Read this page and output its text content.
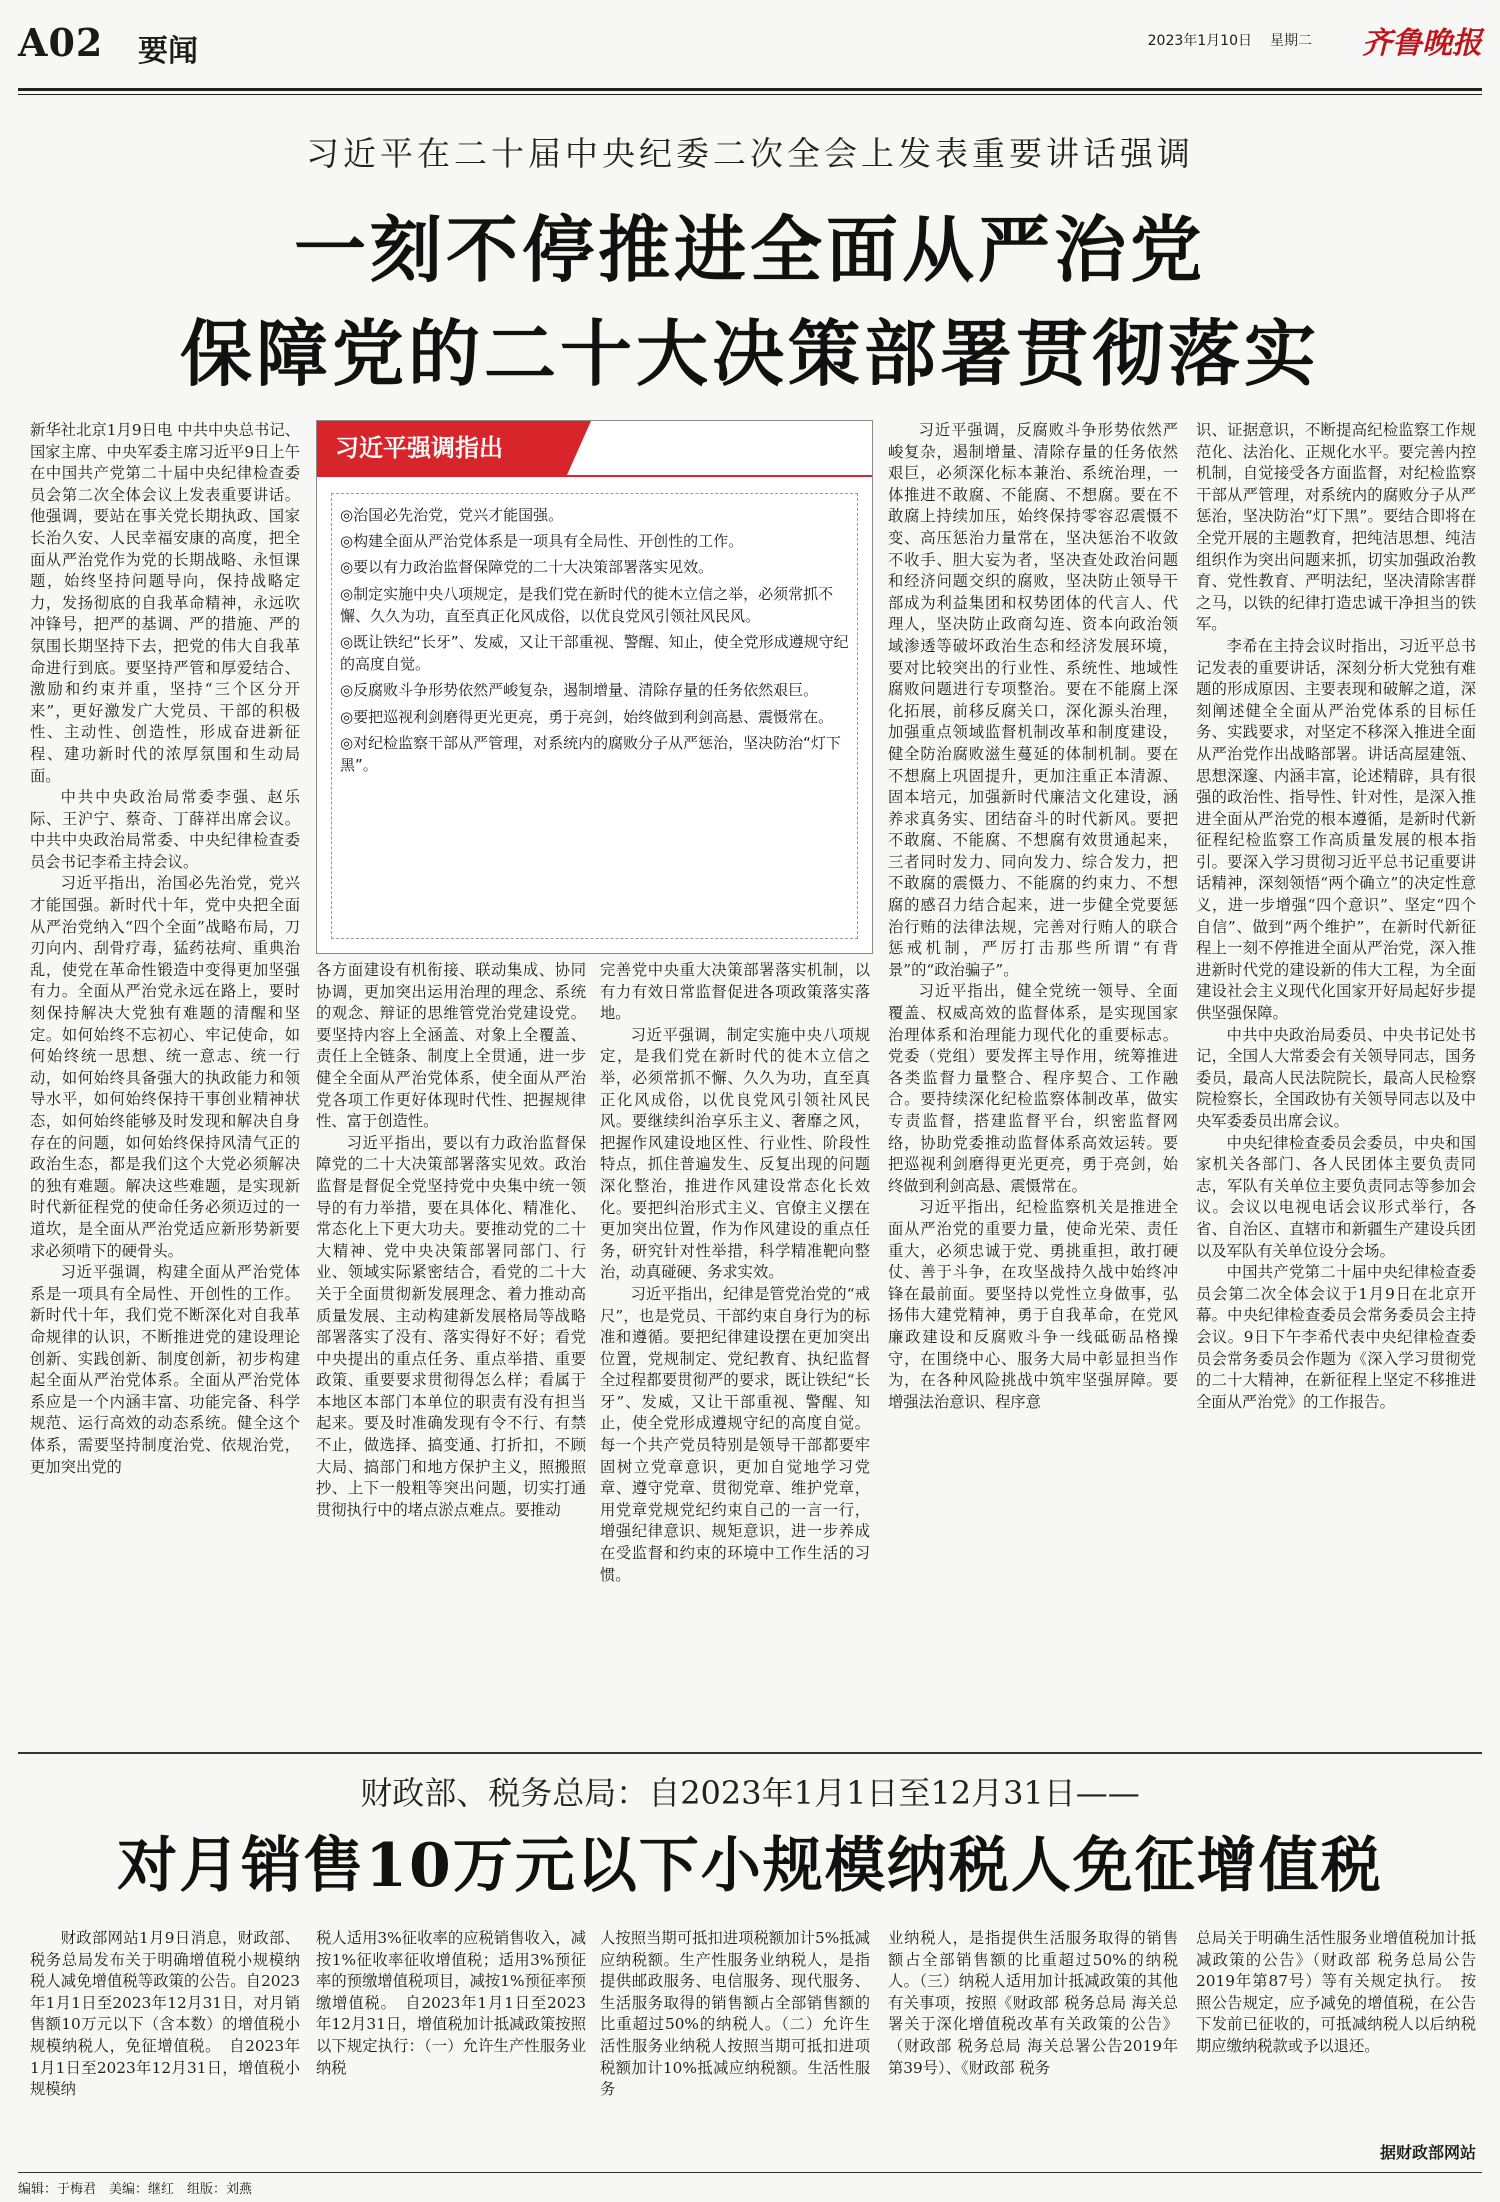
A02 要闻	2023年1月10日 星期二 齐鲁晚报
习近平在二十届中央纪委二次全会上发表重要讲话强调
一刻不停推进全面从严治党
保障党的二十大决策部署贯彻落实

新华社北京1月9日电 中共中央总书记、国家主席、中央军委主席习近平9日上午在中国共产党第二十届中央纪律检查委员会第二次全体会议上发表重要讲话。他强调，要站在事关党长期执政、国家长治久安、人民幸福安康的高度，把全面从严治党作为党的长期战略、永恒课题，始终坚持问题导向，保持战略定力，发扬彻底的自我革命精神，永远吹冲锋号，把严的基调、严的措施、严的氛围长期坚持下去，把党的伟大自我革命进行到底。要坚持严管和厚爱结合、激励和约束并重，坚持“三个区分开来”，更好激发广大党员、干部的积极性、主动性、创造性，形成奋进新征程、建功新时代的浓厚氛围和生动局面。

中共中央政治局常委李强、赵乐际、王沪宁、蔡奇、丁薛祥出席会议。中共中央政治局常委、中央纪律检查委员会书记李希主持会议。

习近平指出，治国必先治党，党兴才能国强。新时代十年，党中央把全面从严治党纳入“四个全面”战略布局，刀刃向内、刮骨疗毒，猛药祛疴、重典治乱，使党在革命性锻造中变得更加坚强有力。全面从严治党永远在路上，要时刻保持解决大党独有难题的清醒和坚定。如何始终不忘初心、牢记使命，如何始终统一思想、统一意志、统一行动，如何始终具备强大的执政能力和领导水平，如何始终保持干事创业精神状态，如何始终能够及时发现和解决自身存在的问题，如何始终保持风清气正的政治生态，都是我们这个大党必须解决的独有难题。解决这些难题，是实现新时代新征程党的使命任务必须迈过的一道坎，是全面从严治党适应新形势新要求必须啃下的硬骨头。

习近平强调，构建全面从严治党体系是一项具有全局性、开创性的工作。新时代十年，我们党不断深化对自我革命规律的认识，不断推进党的建设理论创新、实践创新、制度创新，初步构建起全面从严治党体系。全面从严治党体系应是一个内涵丰富、功能完备、科学规范、运行高效的动态系统。健全这个体系，需要坚持制度治党、依规治党，更加突出党的

习近平强调指出
◎治国必先治党，党兴才能国强。
◎构建全面从严治党体系是一项具有全局性、开创性的工作。
◎要以有力政治监督保障党的二十大决策部署落实见效。
◎制定实施中央八项规定，是我们党在新时代的徙木立信之举，必须常抓不懈、久久为功，直至真正化风成俗，以优良党风引领社风民风。
◎既让铁纪“长牙”、发威，又让干部重视、警醒、知止，使全党形成遵规守纪的高度自觉。
◎反腐败斗争形势依然严峻复杂，遏制增量、清除存量的任务依然艰巨。
◎要把巡视利剑磨得更光更亮，勇于亮剑，始终做到利剑高悬、震慑常在。
◎对纪检监察干部从严管理，对系统内的腐败分子从严惩治，坚决防治“灯下黑”。

各方面建设有机衔接、联动集成、协同协调，更加突出运用治理的理念、系统的观念、辩证的思维管党治党建设党。要坚持内容上全涵盖、对象上全覆盖、责任上全链条、制度上全贯通，进一步健全全面从严治党体系，使全面从严治党各项工作更好体现时代性、把握规律性、富于创造性。

习近平指出，要以有力政治监督保障党的二十大决策部署落实见效。政治监督是督促全党坚持党中央集中统一领导的有力举措，要在具体化、精准化、常态化上下更大功夫。要推动党的二十大精神、党中央决策部署同部门、行业、领域实际紧密结合，看党的二十大关于全面贯彻新发展理念、着力推动高质量发展、主动构建新发展格局等战略部署落实了没有、落实得好不好；看党中央提出的重点任务、重点举措、重要政策、重要要求贯彻得怎么样；看属于本地区本部门本单位的职责有没有担当起来。要及时准确发现有令不行、有禁不止，做选择、搞变通、打折扣，不顾大局、搞部门和地方保护主义，照搬照抄、上下一般粗等突出问题，切实打通贯彻执行中的堵点淤点难点。要推动

完善党中央重大决策部署落实机制，以有力有效日常监督促进各项政策落实落地。

习近平强调，制定实施中央八项规定，是我们党在新时代的徙木立信之举，必须常抓不懈、久久为功，直至真正化风成俗，以优良党风引领社风民风。要继续纠治享乐主义、奢靡之风，把握作风建设地区性、行业性、阶段性特点，抓住普遍发生、反复出现的问题深化整治，推进作风建设常态化长效化。要把纠治形式主义、官僚主义摆在更加突出位置，作为作风建设的重点任务，研究针对性举措，科学精准靶向整治，动真碰硬、务求实效。

习近平指出，纪律是管党治党的“戒尺”，也是党员、干部约束自身行为的标准和遵循。要把纪律建设摆在更加突出位置，党规制定、党纪教育、执纪监督全过程都要贯彻严的要求，既让铁纪“长牙”、发威，又让干部重视、警醒、知止，使全党形成遵规守纪的高度自觉。每一个共产党员特别是领导干部都要牢固树立党章意识，更加自觉地学习党章、遵守党章、贯彻党章、维护党章，用党章党规党纪约束自己的一言一行，增强纪律意识、规矩意识，进一步养成在受监督和约束的环境中工作生活的习惯。

习近平强调，反腐败斗争形势依然严峻复杂，遏制增量、清除存量的任务依然艰巨，必须深化标本兼治、系统治理，一体推进不敢腐、不能腐、不想腐。要在不敢腐上持续加压，始终保持零容忍震慑不变、高压惩治力量常在，坚决惩治不收敛不收手、胆大妄为者，坚决查处政治问题和经济问题交织的腐败，坚决防止领导干部成为利益集团和权势团体的代言人、代理人，坚决防止政商勾连、资本向政治领域渗透等破坏政治生态和经济发展环境，要对比较突出的行业性、系统性、地域性腐败问题进行专项整治。要在不能腐上深化拓展，前移反腐关口，深化源头治理，加强重点领域监督机制改革和制度建设，健全防治腐败滋生蔓延的体制机制。要在不想腐上巩固提升，更加注重正本清源、固本培元，加强新时代廉洁文化建设，涵养求真务实、团结奋斗的时代新风。要把不敢腐、不能腐、不想腐有效贯通起来，三者同时发力、同向发力、综合发力，把不敢腐的震慑力、不能腐的约束力、不想腐的感召力结合起来，进一步健全党要惩治行贿的法律法规，完善对行贿人的联合惩戒机制，严厉打击那些所谓“有背景”的“政治骗子”。

习近平指出，健全党统一领导、全面覆盖、权威高效的监督体系，是实现国家治理体系和治理能力现代化的重要标志。党委（党组）要发挥主导作用，统筹推进各类监督力量整合、程序契合、工作融合。要持续深化纪检监察体制改革，做实专责监督，搭建监督平台，织密监督网络，协助党委推动监督体系高效运转。要把巡视利剑磨得更光更亮，勇于亮剑，始终做到利剑高悬、震慑常在。

习近平指出，纪检监察机关是推进全面从严治党的重要力量，使命光荣、责任重大，必须忠诚于党、勇挑重担，敢打硬仗、善于斗争，在攻坚战持久战中始终冲锋在最前面。要坚持以党性立身做事，弘扬伟大建党精神，勇于自我革命，在党风廉政建设和反腐败斗争一线砥砺品格操守，在围绕中心、服务大局中彰显担当作为，在各种风险挑战中筑牢坚强屏障。要增强法治意识、程序意

识、证据意识，不断提高纪检监察工作规范化、法治化、正规化水平。要完善内控机制，自觉接受各方面监督，对纪检监察干部从严管理，对系统内的腐败分子从严惩治，坚决防治“灯下黑”。要结合即将在全党开展的主题教育，把纯洁思想、纯洁组织作为突出问题来抓，切实加强政治教育、党性教育、严明法纪，坚决清除害群之马，以铁的纪律打造忠诚干净担当的铁军。

李希在主持会议时指出，习近平总书记发表的重要讲话，深刻分析大党独有难题的形成原因、主要表现和破解之道，深刻阐述健全全面从严治党体系的目标任务、实践要求，对坚定不移深入推进全面从严治党作出战略部署。讲话高屋建瓴、思想深邃、内涵丰富，论述精辟，具有很强的政治性、指导性、针对性，是深入推进全面从严治党的根本遵循，是新时代新征程纪检监察工作高质量发展的根本指引。要深入学习贯彻习近平总书记重要讲话精神，深刻领悟“两个确立”的决定性意义，进一步增强“四个意识”、坚定“四个自信”、做到“两个维护”，在新时代新征程上一刻不停推进全面从严治党，深入推进新时代党的建设新的伟大工程，为全面建设社会主义现代化国家开好局起好步提供坚强保障。

中共中央政治局委员、中央书记处书记，全国人大常委会有关领导同志，国务委员，最高人民法院院长，最高人民检察院检察长，全国政协有关领导同志以及中央军委委员出席会议。

中央纪律检查委员会委员，中央和国家机关各部门、各人民团体主要负责同志，军队有关单位主要负责同志等参加会议。会议以电视电话会议形式举行，各省、自治区、直辖市和新疆生产建设兵团以及军队有关单位设分会场。

中国共产党第二十届中央纪律检查委员会第二次全体会议于1月9日在北京开幕。中央纪律检查委员会常务委员会主持会议。9日下午李希代表中央纪律检查委员会常务委员会作题为《深入学习贯彻党的二十大精神，在新征程上坚定不移推进全面从严治党》的工作报告。

财政部、税务总局：自2023年1月1日至12月31日——
对月销售10万元以下小规模纳税人免征增值税

财政部网站1月9日消息，财政部、税务总局发布关于明确增值税小规模纳税人减免增值税等政策的公告。自2023年1月1日至2023年12月31日，对月销售额10万元以下（含本数）的增值税小规模纳税人，免征增值税。　自2023年1月1日至2023年12月31日，增值税小规模纳

税人适用3%征收率的应税销售收入，减按1%征收率征收增值税；适用3%预征率的预缴增值税项目，减按1%预征率预缴增值税。　自2023年1月1日至2023年12月31日，增值税加计抵减政策按照以下规定执行：（一）允许生产性服务业纳税

人按照当期可抵扣进项税额加计5%抵减应纳税额。生产性服务业纳税人，是指提供邮政服务、电信服务、现代服务、生活服务取得的销售额占全部销售额的比重超过50%的纳税人。（二）允许生活性服务业纳税人按照当期可抵扣进项税额加计10%抵减应纳税额。生活性服务

业纳税人，是指提供生活服务取得的销售额占全部销售额的比重超过50%的纳税人。（三）纳税人适用加计抵减政策的其他有关事项，按照《财政部 税务总局 海关总署关于深化增值税改革有关政策的公告》（财政部 税务总局 海关总署公告2019年第39号）、《财政部 税务

总局关于明确生活性服务业增值税加计抵减政策的公告》（财政部 税务总局公告2019年第87号）等有关规定执行。　按照公告规定，应予减免的增值税，在公告下发前已征收的，可抵减纳税人以后纳税期应缴纳税款或予以退还。

据财政部网站
编辑：于梅君　美编：继红　组版：刘燕
